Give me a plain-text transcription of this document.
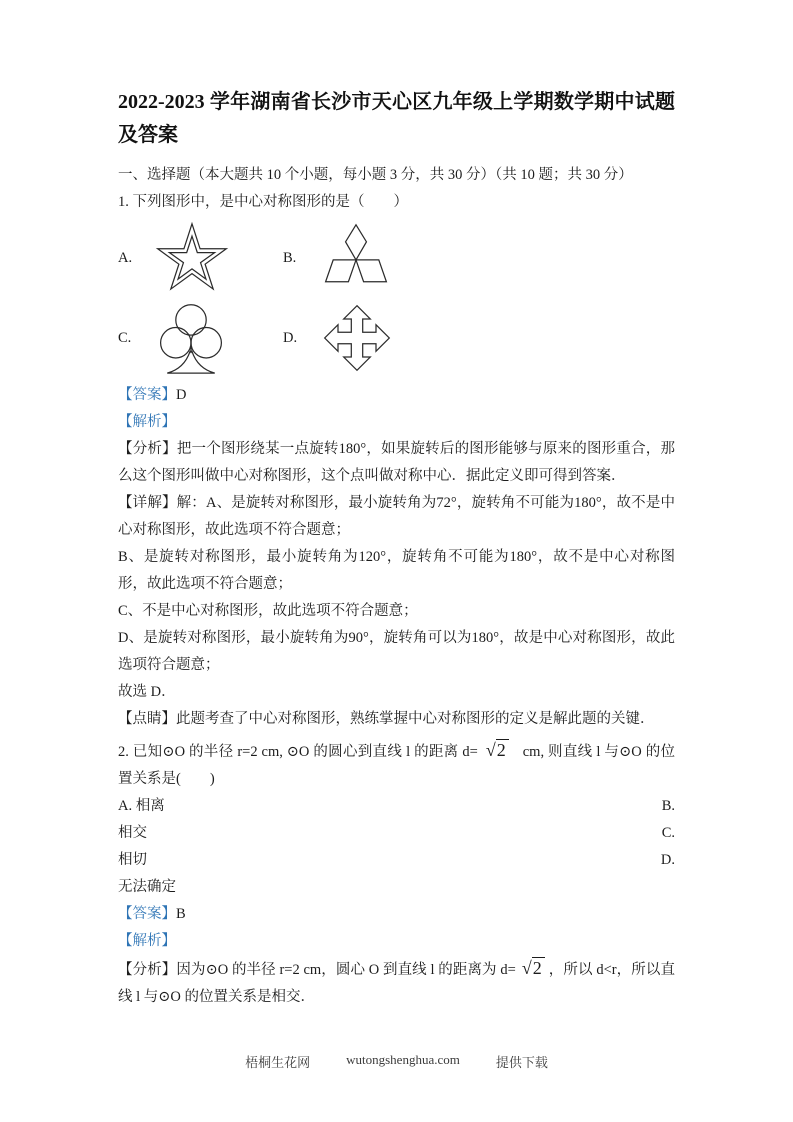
2022-2023 学年湖南省长沙市天心区九年级上学期数学期中试题及答案
一、选择题（本大题共 10 个小题，每小题 3 分，共 30 分）（共 10 题；共 30 分）
1. 下列图形中，是中心对称图形的是（　　）
A.	B.
C.	D.
【答案】D
【解析】
【分析】把一个图形绕某一点旋转180°，如果旋转后的图形能够与原来的图形重合，那么这个图形叫做中心对称图形，这个点叫做对称中心．据此定义即可得到答案．
【详解】解：A、是旋转对称图形，最小旋转角为72°，旋转角不可能为180°，故不是中心对称图形，故此选项不符合题意；
B、是旋转对称图形，最小旋转角为120°，旋转角不可能为180°，故不是中心对称图形，故此选项不符合题意；
C、不是中心对称图形，故此选项不符合题意；
D、是旋转对称图形，最小旋转角为90°，旋转角可以为180°，故是中心对称图形，故此选项符合题意；
故选 D．
【点睛】此题考查了中心对称图形，熟练掌握中心对称图形的定义是解此题的关键．
2. 已知⊙O 的半径 r=2 cm, ⊙O 的圆心到直线 l 的距离 d= √2 cm, 则直线 l 与⊙O 的位置关系是(　　)
A. 相离	B.
相交	C.
相切	D.
无法确定
【答案】B
【解析】
【分析】因为⊙O 的半径 r=2 cm，圆心 O 到直线 l 的距离为 d= √2 ，所以 d<r，所以直线 l 与⊙O 的位置关系是相交．
梧桐生花网	wutongshenghua.com	提供下载
